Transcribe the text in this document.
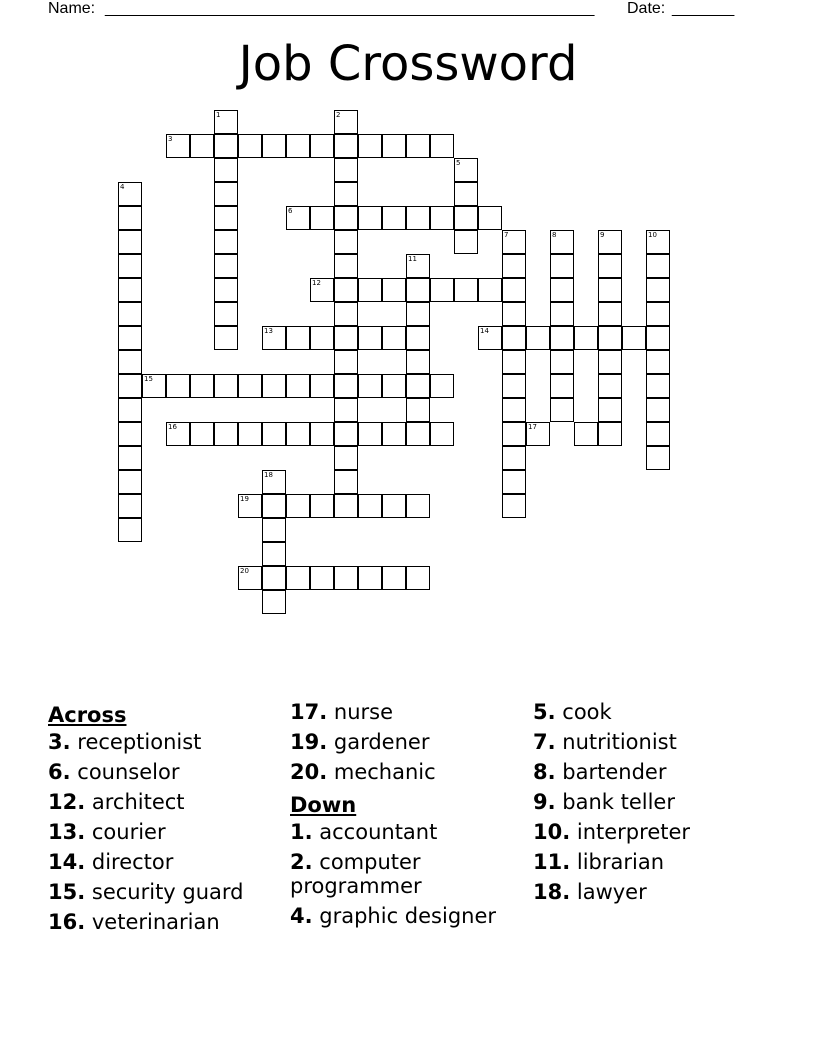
Name: _______________________________________________________ Date: _______
Job Crossword
4
3
1	2
5
6
7	8	9	10
11
12
13	14
15
16	17
18
19
20
Across
3. receptionist
6. counselor
12. architect
13. courier
14. director
15. security guard
16. veterinarian
17. nurse
19. gardener
20. mechanic
Down
1. accountant
2. computer programmer
4. graphic designer
5. cook
7. nutritionist
8. bartender
9. bank teller
10. interpreter
11. librarian
18. lawyer
